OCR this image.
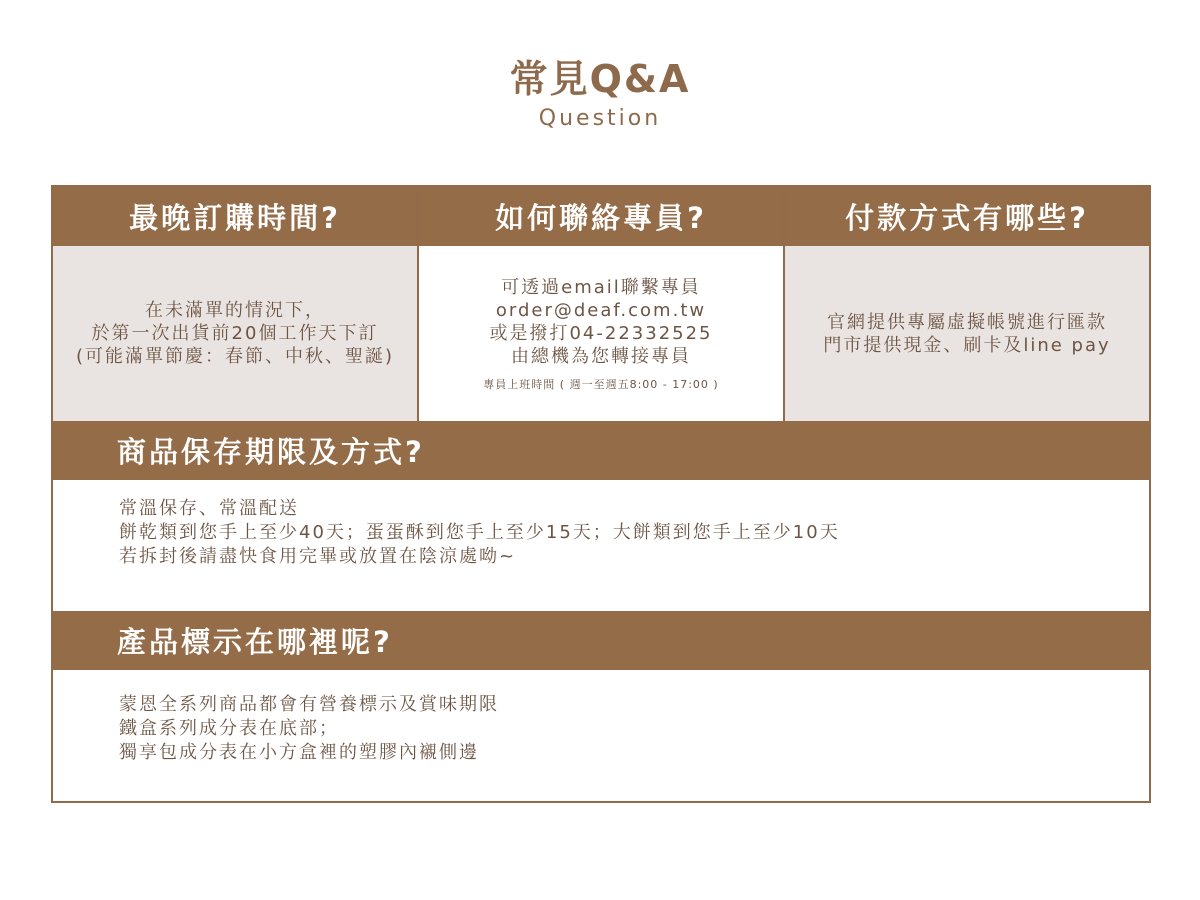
常見Q&A
Question
最晚訂購時間?
在未滿單的情況下，
於第一次出貨前20個工作天下訂
(可能滿單節慶：春節、中秋、聖誕)
如何聯絡專員?
可透過email聯繫專員
order@deaf.com.tw
或是撥打04-22332525
由總機為您轉接專員
專員上班時間 ( 週一至週五8:00 - 17:00 )
付款方式有哪些?
官網提供專屬虛擬帳號進行匯款
門市提供現金、刷卡及line pay
商品保存期限及方式?
常溫保存、常溫配送
餅乾類到您手上至少40天；蛋蛋酥到您手上至少15天；大餅類到您手上至少10天
若拆封後請盡快食用完畢或放置在陰涼處呦~
產品標示在哪裡呢?
蒙恩全系列商品都會有營養標示及賞味期限
鐵盒系列成分表在底部；
獨享包成分表在小方盒裡的塑膠內襯側邊
